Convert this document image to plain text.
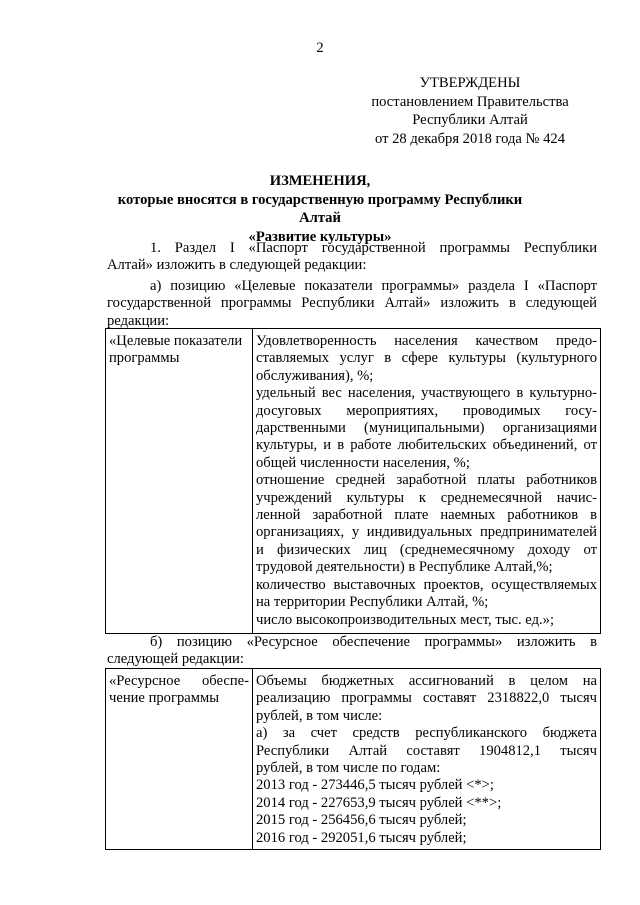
2
УТВЕРЖДЕНЫ
постановлением Правительства
Республики Алтай
от 28 декабря 2018 года № 424
ИЗМЕНЕНИЯ,
которые вносятся в государственную программу Республики Алтай
«Развитие культуры»
1. Раздел I «Паспорт государственной программы Республики
Алтай» изложить в следующей редакции:
а) позицию «Целевые показатели программы» раздела I «Паспорт
государственной программы Республики Алтай» изложить в следующей
редакции:
«Целевые показатели
программы

Удовлетворенность населения качеством предо-
ставляемых услуг в сфере культуры (культурного
обслуживания), %;
удельный вес населения, участвующего в культурно-
досуговых мероприятиях, проводимых госу-
дарственными (муниципальными) организациями
культуры, и в работе любительских объединений, от
общей численности населения, %;
отношение средней заработной платы работников
учреждений культуры к среднемесячной начис-
ленной заработной плате наемных работников в
организациях, у индивидуальных предпринимателей
и физических лиц (среднемесячному доходу от
трудовой деятельности) в Республике Алтай,%;
количество выставочных проектов, осуществляемых
на территории Республики Алтай, %;
число высокопроизводительных мест, тыс. ед.»;
б) позицию «Ресурсное обеспечение программы» изложить в
следующей редакции:
«Ресурсное обеспе-
чение программы

Объемы бюджетных ассигнований в целом на
реализацию программы составят 2318822,0 тысяч
рублей, в том числе:
а) за счет средств республиканского бюджета
Республики Алтай составят 1904812,1 тысяч
рублей, в том числе по годам:
2013 год - 273446,5 тысяч рублей <*>;
2014 год - 227653,9 тысяч рублей <**>;
2015 год - 256456,6 тысяч рублей;
2016 год - 292051,6 тысяч рублей;
